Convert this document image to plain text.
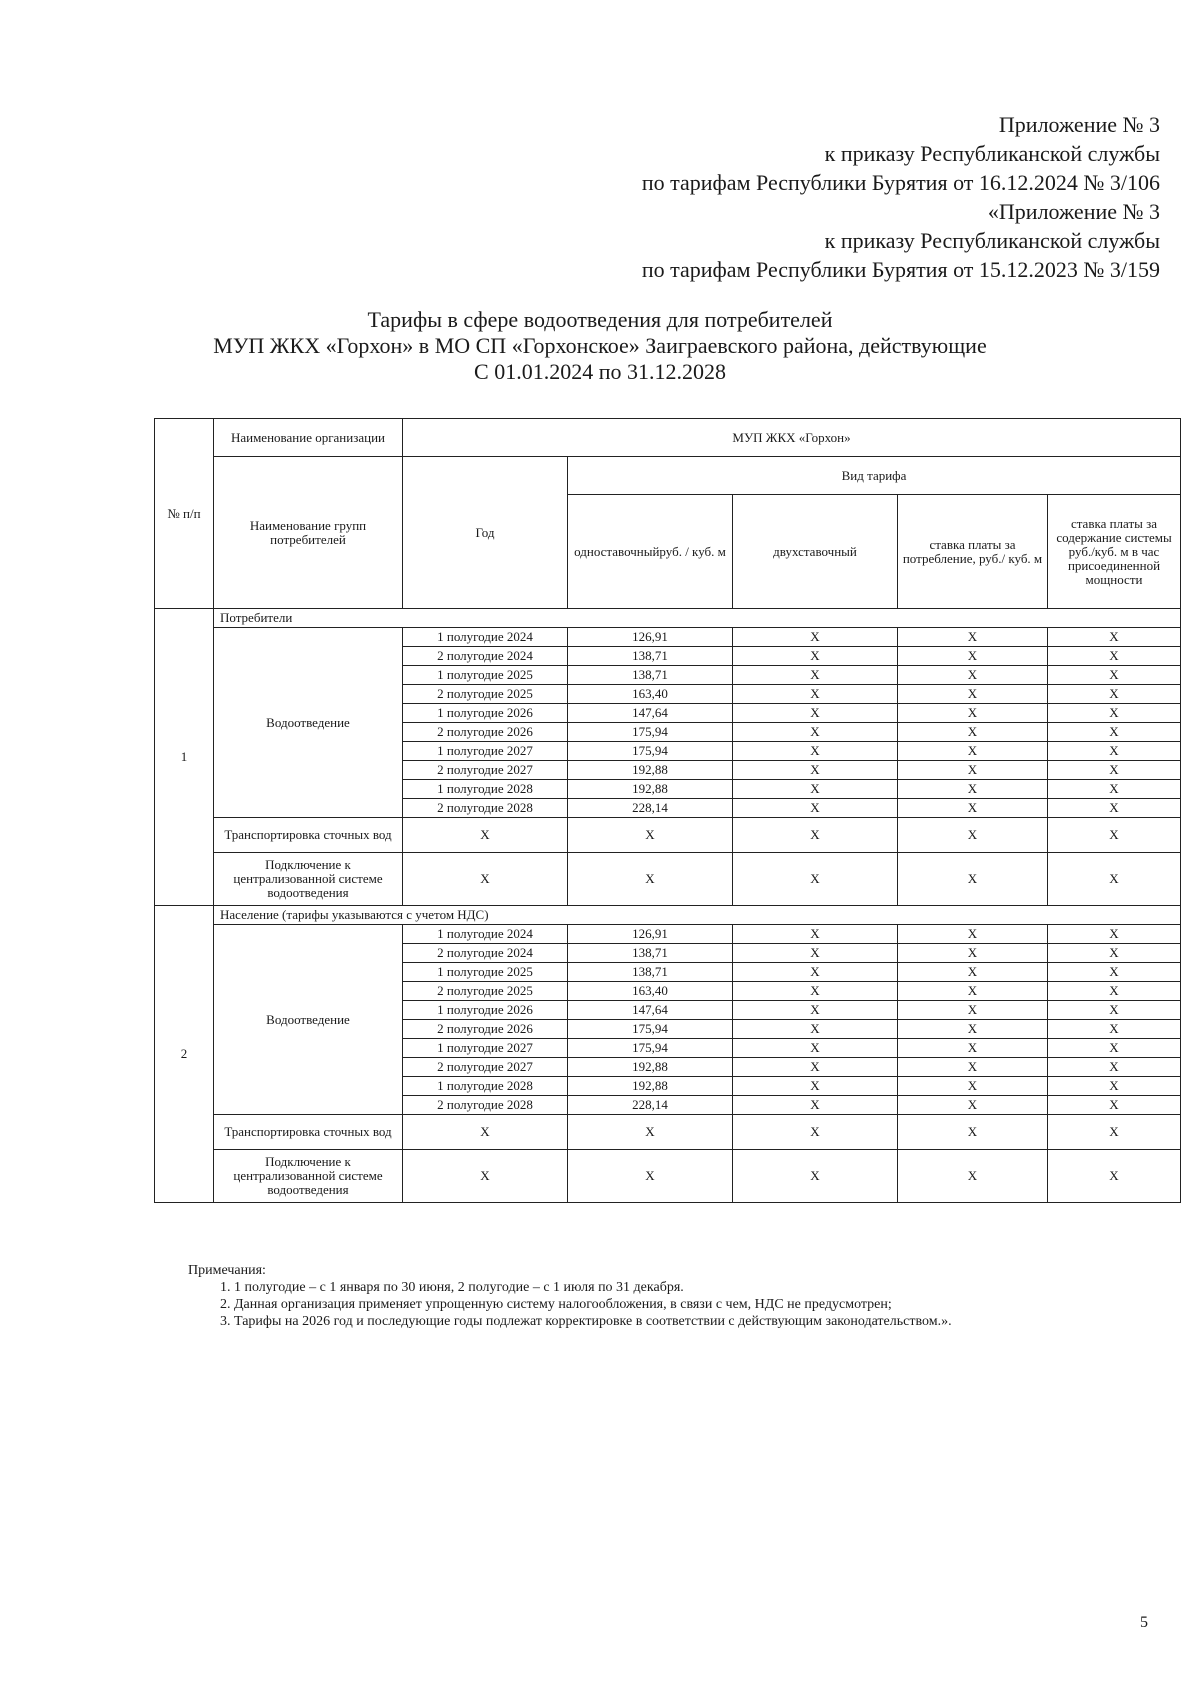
Приложение № 3
к приказу Республиканской службы
по тарифам Республики Бурятия от 16.12.2024 № 3/106
«Приложение № 3
к приказу Республиканской службы
по тарифам Республики Бурятия от 15.12.2023 № 3/159
Тарифы в сфере водоотведения для потребителей
МУП ЖКХ «Горхон» в МО СП «Горхонское» Заиграевского района, действующие
С 01.01.2024 по 31.12.2028
№ п/п	Наименование организации	МУП ЖКХ «Горхон»				
	Наименование групп потребителей	Год	Вид тарифа			
			одноставочныйруб. / куб. м	двухставочный	ставка платы за потребление, руб./ куб. м	ставка платы за содержание системы руб./куб. м в час присоединенной мощности
1	Потребители					
	Водоотведение	1 полугодие 2024	126,91	X	X	X
		2 полугодие 2024	138,71	X	X	X
		1 полугодие 2025	138,71	X	X	X
		2 полугодие 2025	163,40	X	X	X
		1 полугодие 2026	147,64	X	X	X
		2 полугодие 2026	175,94	X	X	X
		1 полугодие 2027	175,94	X	X	X
		2 полугодие 2027	192,88	X	X	X
		1 полугодие 2028	192,88	X	X	X
		2 полугодие 2028	228,14	X	X	X
	Транспортировка сточных вод	X	X	X	X	X
	Подключение к централизованной системе водоотведения	X	X	X	X	X
2	Население (тарифы указываются с учетом НДС)					
	Водоотведение	1 полугодие 2024	126,91	X	X	X
		2 полугодие 2024	138,71	X	X	X
		1 полугодие 2025	138,71	X	X	X
		2 полугодие 2025	163,40	X	X	X
		1 полугодие 2026	147,64	X	X	X
		2 полугодие 2026	175,94	X	X	X
		1 полугодие 2027	175,94	X	X	X
		2 полугодие 2027	192,88	X	X	X
		1 полугодие 2028	192,88	X	X	X
		2 полугодие 2028	228,14	X	X	X
	Транспортировка сточных вод	X	X	X	X	X
	Подключение к централизованной системе водоотведения	X	X	X	X	X
Примечания:
1. 1 полугодие – с 1 января по 30 июня, 2 полугодие – с 1 июля по 31 декабря.
2. Данная организация применяет упрощенную систему налогообложения, в связи с чем, НДС не предусмотрен;
3. Тарифы на 2026 год и последующие годы подлежат корректировке в соответствии с действующим законодательством.».
5
